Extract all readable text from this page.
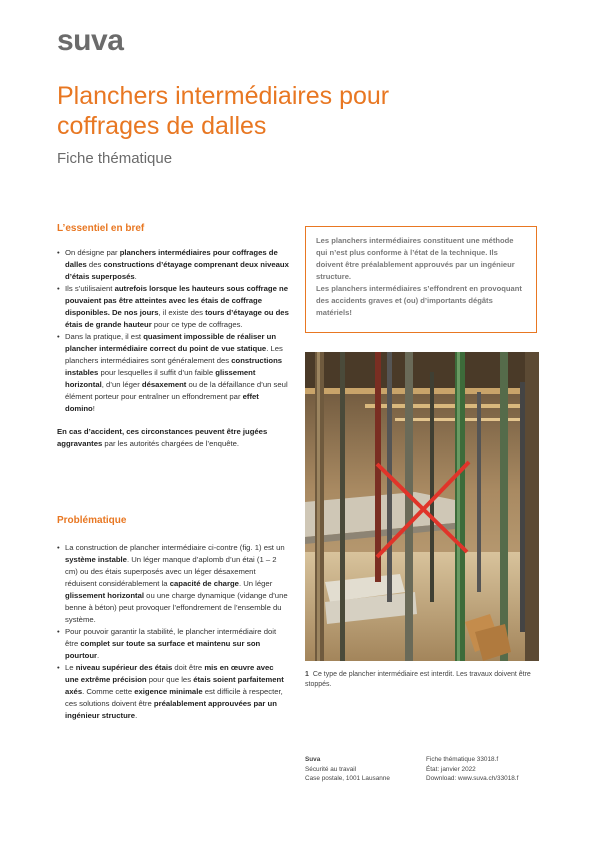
suva
Planchers intermédiaires pour
coffrages de dalles
Fiche thématique
L’essentiel en bref
• On désigne par planchers intermédiaires pour coffrages de dalles des constructions d’étayage comprenant deux niveaux d’étais superposés.
• Ils s’utilisaient autrefois lorsque les hauteurs sous coffrage ne pouvaient pas être atteintes avec les étais de coffrage disponibles. De nos jours, il existe des tours d’étayage ou des étais de grande hauteur pour ce type de coffrages.
• Dans la pratique, il est quasiment impossible de réaliser un plancher intermédiaire correct du point de vue statique. Les planchers intermédiaires sont généralement des constructions instables pour lesquelles il suffit d’un faible glissement horizontal, d’un léger désaxement ou de la défaillance d’un seul élément porteur pour entraîner un effondrement par effet domino!

En cas d’accident, ces circonstances peuvent être jugées aggravantes par les autorités chargées de l’enquête.

Problématique
• La construction de plancher intermédiaire ci-contre (fig. 1) est un système instable. Un léger manque d’aplomb d’un étai (1 – 2 cm) ou des étais superposés avec un léger désaxement réduisent considérablement la capacité de charge. Un léger glissement horizontal ou une charge dynamique (vidange d’une benne à béton) peut provoquer l’effondrement de l’ensemble du système.
• Pour pouvoir garantir la stabilité, le plancher intermédiaire doit être complet sur toute sa surface et maintenu sur son pourtour.
• Le niveau supérieur des étais doit être mis en œuvre avec une extrême précision pour que les étais soient parfaitement axés. Comme cette exigence minimale est difficile à respecter, ces solutions doivent être préalablement approuvées par un ingénieur structure.
Les planchers intermédiaires constituent une méthode qui n’est plus conforme à l’état de la technique. Ils doivent être préalablement approuvés par un ingénieur structure.
Les planchers intermédiaires s’effondrent en provoquant des accidents graves et (ou) d’importants dégâts matériels!
1 Ce type de plancher intermédiaire est interdit. Les travaux doivent être stoppés.
Suva
Sécurité au travail
Case postale, 1001 Lausanne
Fiche thématique 33018.f
État: janvier 2022
Download: www.suva.ch/33018.f
